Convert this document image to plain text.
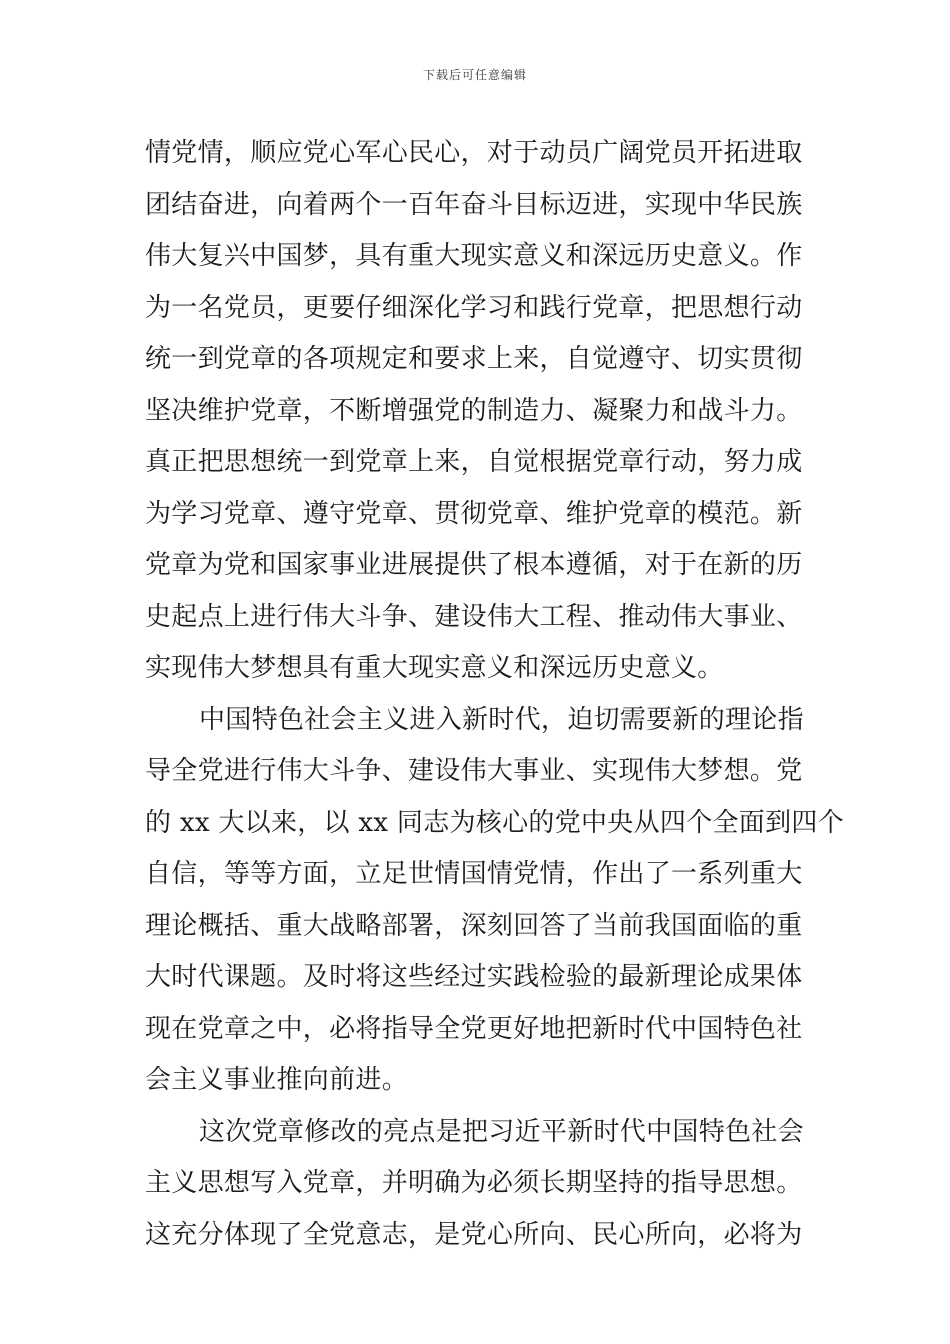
下载后可任意编辑
情党情，顺应党心军心民心，对于动员广阔党员开拓进取
团结奋进，向着两个一百年奋斗目标迈进，实现中华民族
伟大复兴中国梦，具有重大现实意义和深远历史意义。作
为一名党员，更要仔细深化学习和践行党章，把思想行动
统一到党章的各项规定和要求上来，自觉遵守、切实贯彻
坚决维护党章，不断增强党的制造力、凝聚力和战斗力。
真正把思想统一到党章上来，自觉根据党章行动，努力成
为学习党章、遵守党章、贯彻党章、维护党章的模范。新
党章为党和国家事业进展提供了根本遵循，对于在新的历
史起点上进行伟大斗争、建设伟大工程、推动伟大事业、
实现伟大梦想具有重大现实意义和深远历史意义。
中国特色社会主义进入新时代，迫切需要新的理论指
导全党进行伟大斗争、建设伟大事业、实现伟大梦想。党
的 xx 大以来，以 xx 同志为核心的党中央从四个全面到四个
自信，等等方面，立足世情国情党情，作出了一系列重大
理论概括、重大战略部署，深刻回答了当前我国面临的重
大时代课题。及时将这些经过实践检验的最新理论成果体
现在党章之中，必将指导全党更好地把新时代中国特色社
会主义事业推向前进。
这次党章修改的亮点是把习近平新时代中国特色社会
主义思想写入党章，并明确为必须长期坚持的指导思想。
这充分体现了全党意志，是党心所向、民心所向，必将为
